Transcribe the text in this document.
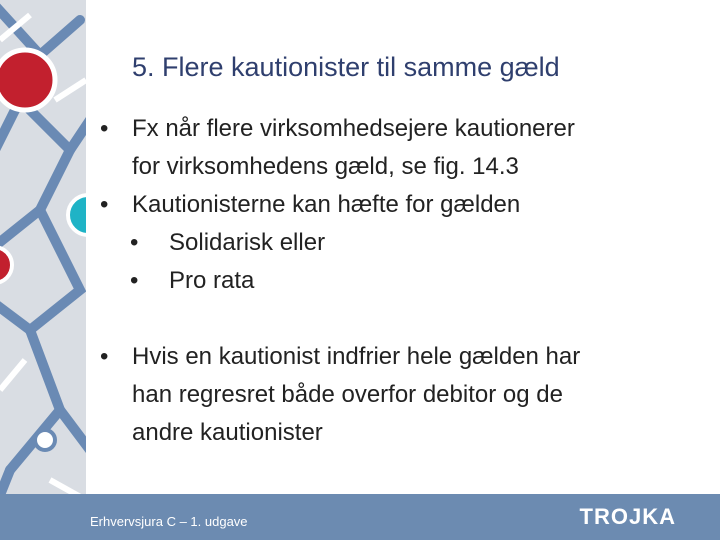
5. Flere kautionister til samme gæld
• Fx når flere virksomhedsejere kautionerer
for virksomhedens gæld, se fig. 14.3
• Kautionisterne kan hæfte for gælden
• Solidarisk eller
• Pro rata
• Hvis en kautionist indfrier hele gælden har
han regresret både overfor debitor og de
andre kautionister
Erhvervsjura C – 1. udgave	TROJKA
